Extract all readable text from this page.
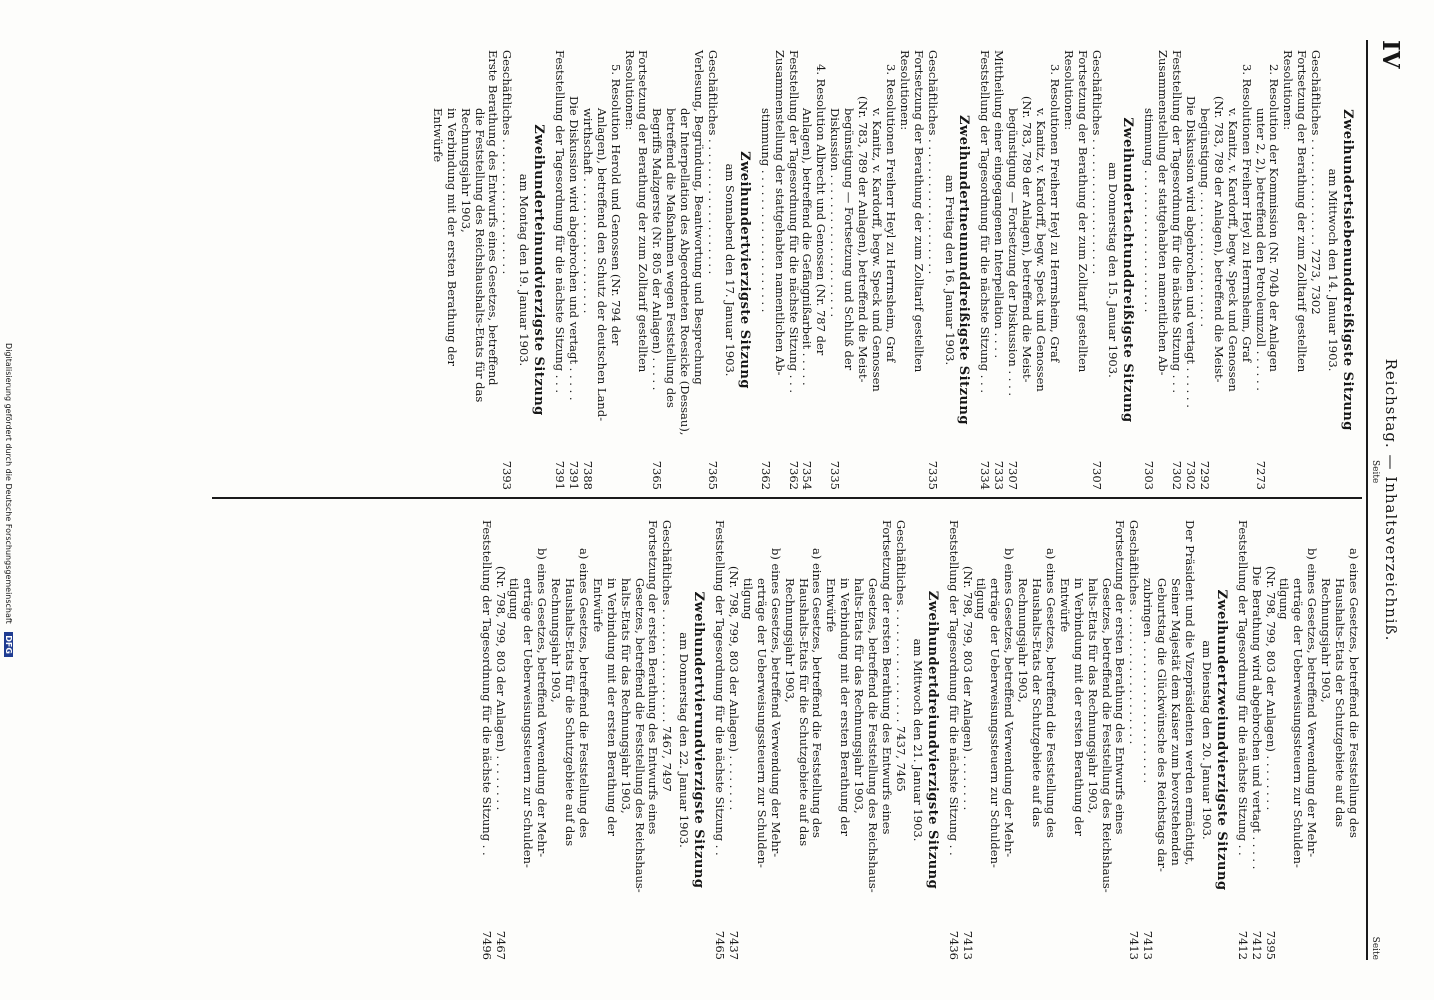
IV
Reichstag. — Inhaltsverzeichniß.
Seite
Seite
Zweihundertsiebenunddreißigste Sitzung
am Mittwoch den 14. Januar 1903.
Geschäftliches . . . . . . . . . . . . . . . 7273, 7302
Fortsetzung der Berathung der zum Zolltarif gestellten
Resolutionen:
2. Resolution der Kommission (Nr. 704b der Anlagen
unter 2, 2), betreffend den Petroleumzoll . . . . . .
7273
3. Resolutionen Freiherr Heyl zu Herrnsheim, Graf
v. Kanitz, v. Kardorff, begw. Speck und Genossen
(Nr. 783, 789 der Anlagen), betreffend die Meist-
begünstigung . . . . . . . . . . . . . . . . . . .
7292
Die Diskussion wird abgebrochen und vertagt . . . . . .
7302
Feststellung der Tagesordnung für die nächste Sitzung . . .
7302
Zusammenstellung der stattgehabten namentlichen Ab-
stimmung . . . . . . . . . . . . . . . . . . . .
7303
Zweihundertachtunddreißigste Sitzung
am Donnerstag den 15. Januar 1903.
Geschäftliches . . . . . . . . . . . . . . . . . . .
7307
Fortsetzung der Berathung der zum Zolltarif gestellten
Resolutionen:
3. Resolutionen Freiherr Heyl zu Herrnsheim, Graf
v. Kanitz, v. Kardorff, begw. Speck und Genossen
(Nr. 783, 789 der Anlagen), betreffend die Meist-
begünstigung — Fortsetzung der Diskussion . . . .
7307
Mittheilung einer eingegangenen Interpellation . . . .
7333
Feststellung der Tagesordnung für die nächste Sitzung . . .
7334
Zweihundertneununddreißigste Sitzung
am Freitag den 16. Januar 1903.
Geschäftliches . . . . . . . . . . . . . . . . . . .
7335
Fortsetzung der Berathung der zum Zolltarif gestellten
Resolutionen:
3. Resolutionen Freiherr Heyl zu Herrnsheim, Graf
v. Kanitz, v. Kardorff, begw. Speck und Genossen
(Nr. 783, 789 der Anlagen), betreffend die Meist-
begünstigung — Fortsetzung und Schluß der
Diskussion . . . . . . . . . . . . . . . . . . . .
7335
4. Resolution Albrecht und Genossen (Nr. 787 der
Anlagen), betreffend die Gefängnißarbeit . . . . .
7354
Feststellung der Tagesordnung für die nächste Sitzung . . .
7362
Zusammenstellung der stattgehabten namentlichen Ab-
stimmung . . . . . . . . . . . . . . . . . . . .
7362
Zweihundertvierzigste Sitzung
am Sonnabend den 17. Januar 1903.
Geschäftliches . . . . . . . . . . . . . . . . . . .
7365
Verlesung, Begründung, Beantwortung und Besprechung
der Interpellation des Abgeordneten Roesicke (Dessau),
betreffend die Maßnahmen wegen Feststellung des
Begriffs Malzgerste (Nr. 805 der Anlagen) . . . . .
7365
Fortsetzung der Berathung der zum Zolltarif gestellten
Resolutionen:
5. Resolution Herold und Genossen (Nr. 794 der
Anlagen), betreffend den Schutz der deutschen Land-
wirthschaft . . . . . . . . . . . . . . . . . . .
7388
Die Diskussion wird abgebrochen und vertagt . . . . .
7391
Feststellung der Tagesordnung für die nächste Sitzung . . .
7391
Zweihunderteinundvierzigste Sitzung
am Montag den 19. Januar 1903.
Geschäftliches . . . . . . . . . . . . . . . . . . .
7393
Erste Berathung des Entwurfs eines Gesetzes, betreffend
die Feststellung des Reichshaushalts-Etats für das
Rechnungsjahr 1903,
in Verbindung mit der ersten Berathung der
Entwürfe
a) eines Gesetzes, betreffend die Feststellung des
Haushalts-Etats der Schutzgebiete auf das
Rechnungsjahr 1903,
b) eines Gesetzes, betreffend Verwendung der Mehr-
erträge der Ueberweisungssteuern zur Schulden-
tilgung
(Nr. 798, 799, 803 der Anlagen) . . . . . . . .
7395
Die Berathung wird abgebrochen und vertagt . . . . .
7412
Feststellung der Tagesordnung für die nächste Sitzung . .
7412
Zweihundertzweiundvierzigste Sitzung
am Dienstag den 20. Januar 1903.
Der Präsident und die Vizepräsidenten werden ermächtigt,
Seiner Majestät dem Kaiser zum bevorstehenden
Geburtstag die Glückwünsche des Reichstags dar-
zubringen . . . . . . . . . . . . . . . . . . . .
7413
Geschäftliches . . . . . . . . . . . . . . . . . . .
7413
Fortsetzung der ersten Berathung des Entwurfs eines
Gesetzes, betreffend die Feststellung des Reichshaus-
halts-Etats für das Rechnungsjahr 1903,
in Verbindung mit der ersten Berathung der
Entwürfe
a) eines Gesetzes, betreffend die Feststellung des
Haushalts-Etats der Schutzgebiete auf das
Rechnungsjahr 1903,
b) eines Gesetzes, betreffend Verwendung der Mehr-
erträge der Ueberweisungssteuern zur Schulden-
tilgung
(Nr. 798, 799, 803 der Anlagen) . . . . . . . .
7413
Feststellung der Tagesordnung für die nächste Sitzung . .
7436
Zweihundertdreiundvierzigste Sitzung
am Mittwoch den 21. Januar 1903.
Geschäftliches . . . . . . . . . . . . . . . . 7437, 7465
Fortsetzung der ersten Berathung des Entwurfs eines
Gesetzes, betreffend die Feststellung des Reichshaus-
halts-Etats für das Rechnungsjahr 1903,
in Verbindung mit der ersten Berathung der
Entwürfe
a) eines Gesetzes, betreffend die Feststellung des
Haushalts-Etats für die Schutzgebiete auf das
Rechnungsjahr 1903,
b) eines Gesetzes, betreffend Verwendung der Mehr-
erträge der Ueberweisungssteuern zur Schulden-
tilgung
(Nr. 798, 799, 803 der Anlagen) . . . . . . . .
7437
Feststellung der Tagesordnung für die nächste Sitzung . .
7465
Zweihundertvierundvierzigste Sitzung
am Donnerstag den 22. Januar 1903.
Geschäftliches . . . . . . . . . . . . . . . . 7467, 7497
Fortsetzung der ersten Berathung des Entwurfs eines
Gesetzes, betreffend die Feststellung des Reichshaus-
halts-Etats für das Rechnungsjahr 1903,
in Verbindung mit der ersten Berathung der
Entwürfe
a) eines Gesetzes, betreffend die Feststellung des
Haushalts-Etats für die Schutzgebiete auf das
Rechnungsjahr 1903,
b) eines Gesetzes, betreffend Verwendung der Mehr-
erträge der Ueberweisungssteuern zur Schulden-
tilgung
(Nr. 798, 799, 803 der Anlagen) . . . . . . . .
7467
Feststellung der Tagesordnung für die nächste Sitzung . .
7496
Digitalisierung gefördert durch die Deutsche Forschungsgemeinschaft DFG
